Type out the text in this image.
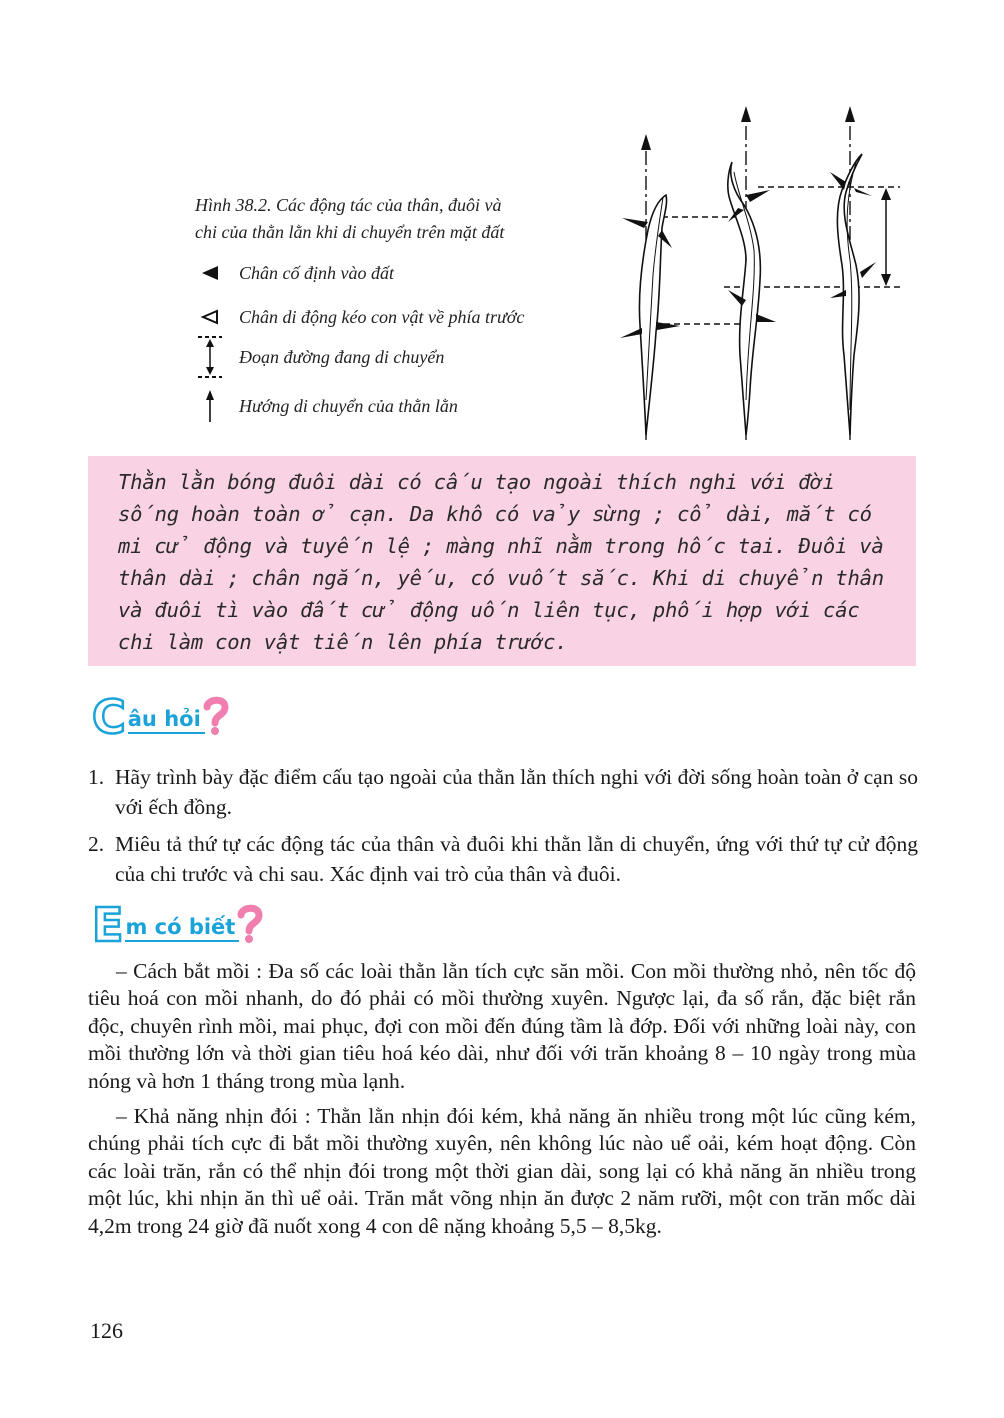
Hình 38.2. Các động tác của thân, đuôi và
chi của thằn lằn khi di chuyển trên mặt đất
Chân cố định vào đất
Chân di động kéo con vật về phía trước
Đoạn đường đang di chuyển
Hướng di chuyển của thằn lằn

Thằn lằn bóng đuôi dài có cấu tạo ngoài thích nghi với đời sống hoàn toàn ở cạn. Da khô có vảy sừng ; cổ dài, mắt có mi cử động và tuyến lệ ; màng nhĩ nằm trong hốc tai. Đuôi và thân dài ; chân ngắn, yếu, có vuốt sắc. Khi di chuyển thân và đuôi tì vào đất cử động uốn liên tục, phối hợp với các chi làm con vật tiến lên phía trước.

C âu hỏi
1. Hãy trình bày đặc điểm cấu tạo ngoài của thằn lằn thích nghi với đời sống hoàn toàn ở cạn so với ếch đồng.
2. Miêu tả thứ tự các động tác của thân và đuôi khi thằn lằn di chuyển, ứng với thứ tự cử động của chi trước và chi sau. Xác định vai trò của thân và đuôi.
E m có biết

– Cách bắt mồi : Đa số các loài thằn lằn tích cực săn mồi. Con mồi thường nhỏ, nên tốc độ tiêu hoá con mồi nhanh, do đó phải có mồi thường xuyên. Ngược lại, đa số rắn, đặc biệt rắn độc, chuyên rình mồi, mai phục, đợi con mồi đến đúng tầm là đớp. Đối với những loài này, con mồi thường lớn và thời gian tiêu hoá kéo dài, như đối với trăn khoảng 8 – 10 ngày trong mùa nóng và hơn 1 tháng trong mùa lạnh.

– Khả năng nhịn đói : Thằn lằn nhịn đói kém, khả năng ăn nhiều trong một lúc cũng kém, chúng phải tích cực đi bắt mồi thường xuyên, nên không lúc nào uể oải, kém hoạt động. Còn các loài trăn, rắn có thể nhịn đói trong một thời gian dài, song lại có khả năng ăn nhiều trong một lúc, khi nhịn ăn thì uể oải. Trăn mắt võng nhịn ăn được 2 năm rưỡi, một con trăn mốc dài 4,2m trong 24 giờ đã nuốt xong 4 con dê nặng khoảng 5,5 – 8,5kg.

126
